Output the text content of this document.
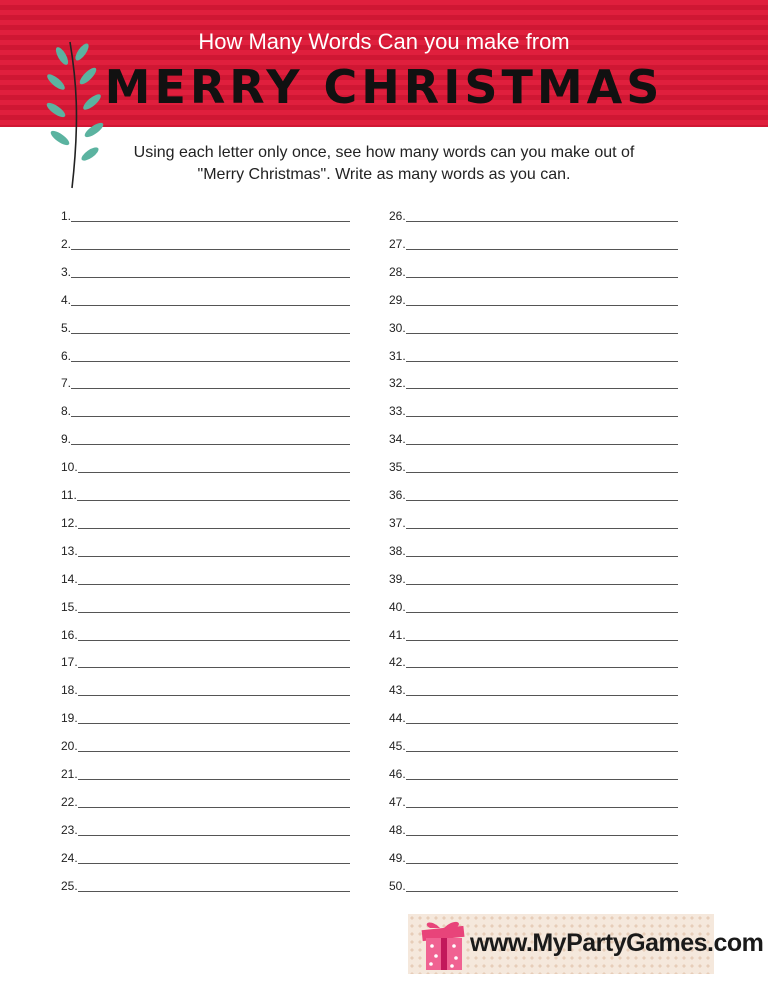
How Many Words Can you make from
MERRY CHRISTMAS
Using each letter only once, see how many words can you make out of
"Merry Christmas". Write as many words as you can.
1.
2.
3.
4.
5.
6.
7.
8.
9.
10.
11.
12.
13.
14.
15.
16.
17.
18.
19.
20.
21.
22.
23.
24.
25.
26.
27.
28.
29.
30.
31.
32.
33.
34.
35.
36.
37.
38.
39.
40.
41.
42.
43.
44.
45.
46.
47.
48.
49.
50.
www.MyPartyGames.com
